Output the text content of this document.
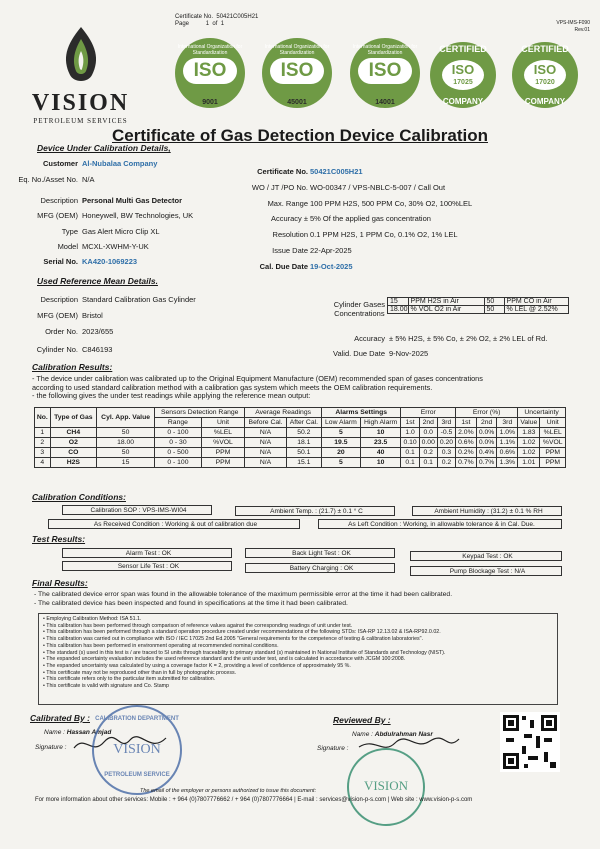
VISION
PETROLEUM SERVICES
Certificate No. 50421C005H21
Page	1 of 1	VPS-IMS-F090
Rev.01
International Organization for Standardization
ISO
9001
International Organization for Standardization
ISO
45001
International Organization for Standardization
ISO
14001
CERTIFIED
ISO
17025
COMPANY
CERTIFIED
ISO
17020
COMPANY
Certificate of Gas Detection Device Calibration
Device Under Calibration Details,
Customer Al-Nubalaa Company
Eq. No./Asset No. N/A
Description Personal Multi Gas Detector
MFG (OEM) Honeywell, BW Technologies, UK
Type Gas Alert Micro Clip XL
Model MCXL-XWHM-Y-UK
Serial No. KA420-1069223
Certificate No. 50421C005H21
WO / JT /PO No. WO-00347 / VPS-NBLC-5-007 / Call Out
Max. Range 100 PPM H2S, 500 PPM Co, 30% O2, 100%LEL
Accuracy ± 5% Of the applied gas concentration
Resolution 0.1 PPM H2S, 1 PPM Co, 0.1% O2, 1% LEL
Issue Date 22-Apr-2025
Cal. Due Date 19-Oct-2025
Used Reference Mean Details.
Description Standard Calibration Gas Cylinder
MFG (OEM) Bristol
Order No. 2023/655
Cylinder No. C846193
Cylinder Gases
Concentrations
15	PPM H2S in Air	50	PPM CO in Air
18.00	% VOL O2 in Air	50	% LEL @ 2.52%
Accuracy ± 5% H2S, ± 5% Co, ± 2% O2, ± 2% LEL of Rd.
Valid. Due Date 9-Nov-2025
Calibration Results:
- The device under calibration was calibrated up to the Original Equipment Manufacture (OEM) recommended span of gases concentrations
according to used standard calibration method with a calibration gas system which meets the OEM calibration requirements.
- the following gives the under test readings while applying the reference mean output:
No.	Type of Gas	Cyl. App. Value	Sensors Detection Range		Average Readings		Alarms Settings		Error			Error (%)			Uncertainty	
			Range	Unit	Before Cal.	After Cal.	Low Alarm	High Alarm	1st	2nd	3rd	1st	2nd	3rd	Value	Unit
1	CH4	50	0 - 100	%LEL	N/A	50.2	5	10	1.0	0.0	-0.5	2.0%	0.0%	1.0%	1.83	%LEL
2	O2	18.00	0 - 30	%VOL	N/A	18.1	19.5	23.5	0.10	0.00	0.20	0.6%	0.0%	1.1%	1.02	%VOL
3	CO	50	0 - 500	PPM	N/A	50.1	20	40	0.1	0.2	0.3	0.2%	0.4%	0.6%	1.02	PPM
4	H2S	15	0 - 100	PPM	N/A	15.1	5	10	0.1	0.1	0.2	0.7%	0.7%	1.3%	1.01	PPM
Calibration Conditions:
Calibration SOP : VPS-IMS-WI04	Ambient Temp. : (21.7) ± 0.1 ° C	Ambient Humidity : (31.2) ± 0.1 % RH
As Received Condition : Working & out of calibration due	As Left Condition : Working, in allowable tolerance & in Cal. Due.
Test Results:
Alarm Test : OK	Back Light Test : OK	Keypad Test : OK
Sensor Life Test : OK	Battery Charging : OK	Pump Blockage Test : N/A
Final Results:
- The calibrated device error span was found in the allowable tolerance of the maximum permissible error at the time it had been calibrated.
- The calibrated device has been inspected and found in specifications at the time it had been calibrated.
• Employing Calibration Method: ISA 51.1.
• This calibration has been performed through comparison of reference values against the corresponding readings of unit under test.
• This calibration has been performed through a standard operation procedure created under recommendations of the following STDs: ISA-RP 12.13.02 & ISA-RP92.0.02.
• This calibration was carried out in compliance with ISO / IEC 17025 2nd Ed.2005 "General requirements for the competence of testing & calibration laboratories".
• This calibration has been performed in environment operating at recommended nominal conditions.
• The standard (s) used in this test is / are traced to SI units through traceability to primary standard (s) maintained in National Institute of Standards and Technology (NIST).
• The expanded uncertainty evaluation includes the used reference standard and the unit under test, and is calculated in accordance with JCGM 100:2008.
• The expanded uncertainty was calculated by using a coverage factor K = 2, providing a level of confidence of approximately 95 %.
• This certificate may not be reproduced other than in full by photographic process.
• This certificate refers only to the particular item submitted for calibration.
• This certificate is valid with signature and Co. Stamp
Calibrated By :
Name : Hassan Amjad
Signature :
CALIBRATION DEPARTMENT
VISION
PETROLEUM SERVICE
Reviewed By :
Name : Abdulrahman Nasr
Signature :
VISION
The email of the employer or persons authorized to issue this document:
For more information about other services: Mobile : + 964 (0)7807776662 / + 964 (0)7807776664 | E-mail : services@vision-p-s.com | Web site : www.vision-p-s.com
